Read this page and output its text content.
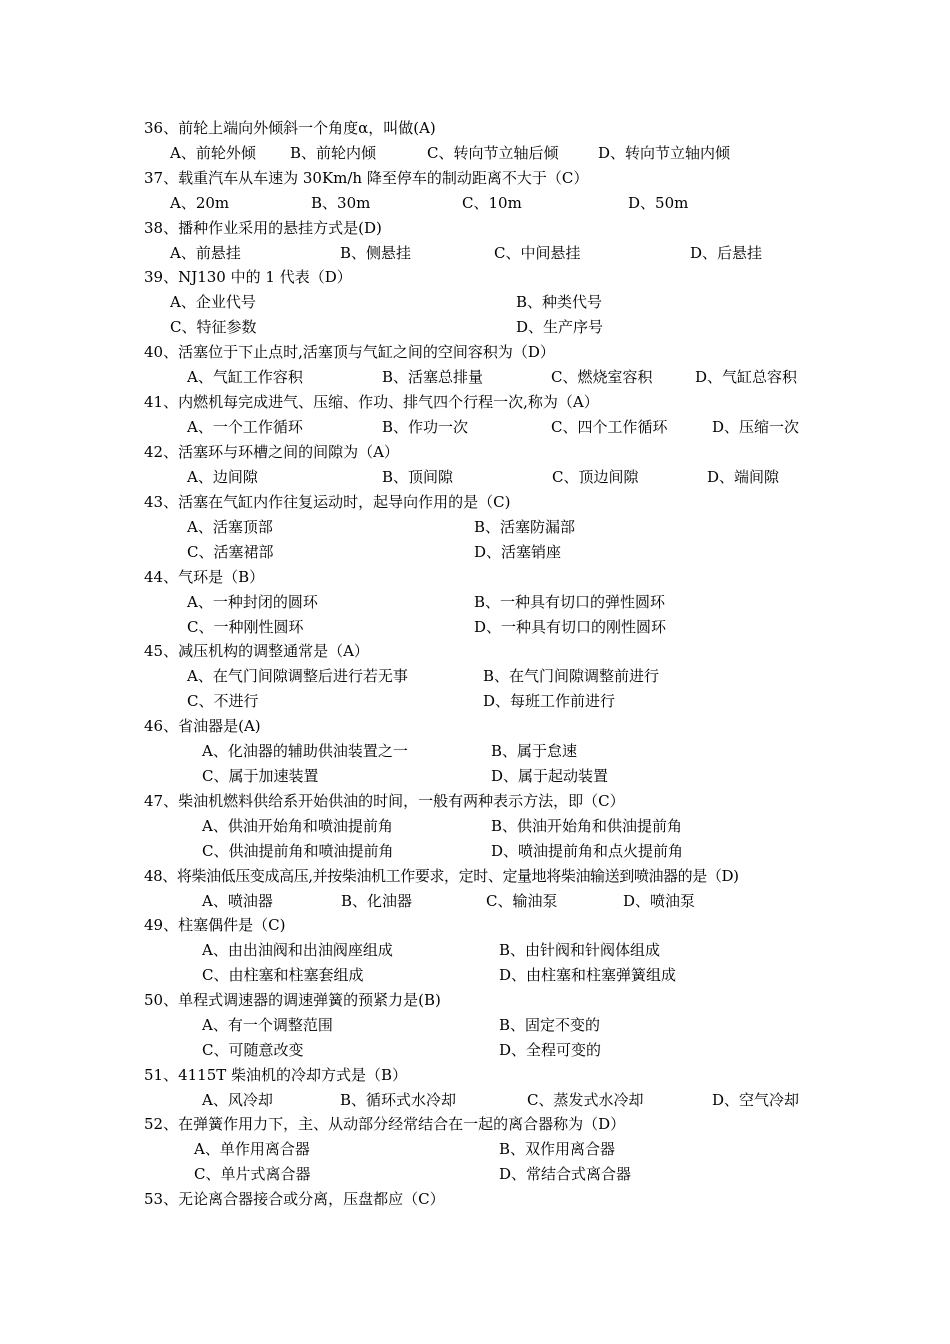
36、前轮上端向外倾斜一个角度α，叫做(A)
A、前轮外倾 B、前轮内倾	C、转向节立轴后倾	D、转向节立轴内倾
37、载重汽车从车速为 30Km/h 降至停车的制动距离不大于（C）
A、20m	B、30m	C、10m	D、50m
38、播种作业采用的悬挂方式是(D)
A、前悬挂	B、侧悬挂	C、中间悬挂	D、后悬挂
39、NJ130 中的 1 代表（D）
A、企业代号	B、种类代号
C、特征参数	D、生产序号
40、活塞位于下止点时,活塞顶与气缸之间的空间容积为（D）
A、气缸工作容积	B、活塞总排量	C、燃烧室容积	D、气缸总容积
41、内燃机每完成进气、压缩、作功、排气四个行程一次,称为（A）
A、一个工作循环	B、作功一次	C、四个工作循环	D、压缩一次
42、活塞环与环槽之间的间隙为（A）
A、边间隙	B、顶间隙	C、顶边间隙	D、端间隙
43、活塞在气缸内作往复运动时，起导向作用的是（C)
A、活塞顶部	B、活塞防漏部
C、活塞裙部	D、活塞销座
44、气环是（B）
A、一种封闭的圆环	B、一种具有切口的弹性圆环
C、一种刚性圆环	D、一种具有切口的刚性圆环
45、减压机构的调整通常是（A）
A、在气门间隙调整后进行若无事	B、在气门间隙调整前进行
C、不进行	D、每班工作前进行
46、省油器是(A)
A、化油器的辅助供油装置之一	B、属于怠速
C、属于加速装置	D、属于起动装置
47、柴油机燃料供给系开始供油的时间，一般有两种表示方法，即（C）
A、供油开始角和喷油提前角	B、供油开始角和供油提前角
C、供油提前角和喷油提前角	D、喷油提前角和点火提前角
48、将柴油低压变成高压,并按柴油机工作要求，定时、定量地将柴油输送到喷油器的是（D)
A、喷油器	B、化油器	C、输油泵	D、喷油泵
49、柱塞偶件是（C)
A、由出油阀和出油阀座组成	B、由针阀和针阀体组成
C、由柱塞和柱塞套组成	D、由柱塞和柱塞弹簧组成
50、单程式调速器的调速弹簧的预紧力是(B)
A、有一个调整范围	B、固定不变的
C、可随意改变	D、全程可变的
51、4115T 柴油机的冷却方式是（B）
A、风冷却	B、循环式水冷却	C、蒸发式水冷却	D、空气冷却
52、在弹簧作用力下，主、从动部分经常结合在一起的离合器称为（D）
A、单作用离合器	B、双作用离合器
C、单片式离合器	D、常结合式离合器
53、无论离合器接合或分离，压盘都应（C）
